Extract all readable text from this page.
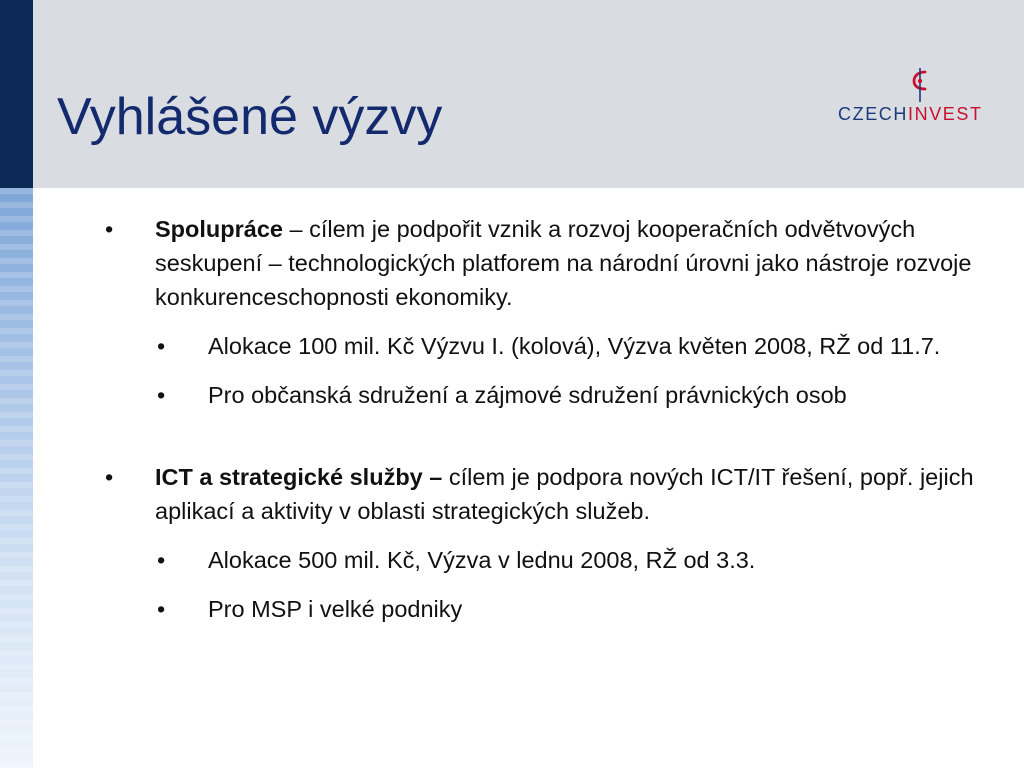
Vyhlášené výzvy	CZECHINVEST
• Spolupráce – cílem je podpořit vznik a rozvoj kooperačních odvětvových seskupení – technologických platforem na národní úrovni jako nástroje rozvoje konkurenceschopnosti ekonomiky.
• Alokace 100 mil. Kč Výzvu I. (kolová), Výzva květen 2008, RŽ od 11.7.
• Pro občanská sdružení a zájmové sdružení právnických osob
• ICT a strategické služby – cílem je podpora nových ICT/IT řešení, popř. jejich aplikací a aktivity v oblasti strategických služeb.
• Alokace 500 mil. Kč, Výzva v lednu 2008, RŽ od 3.3.
• Pro MSP i velké podniky
